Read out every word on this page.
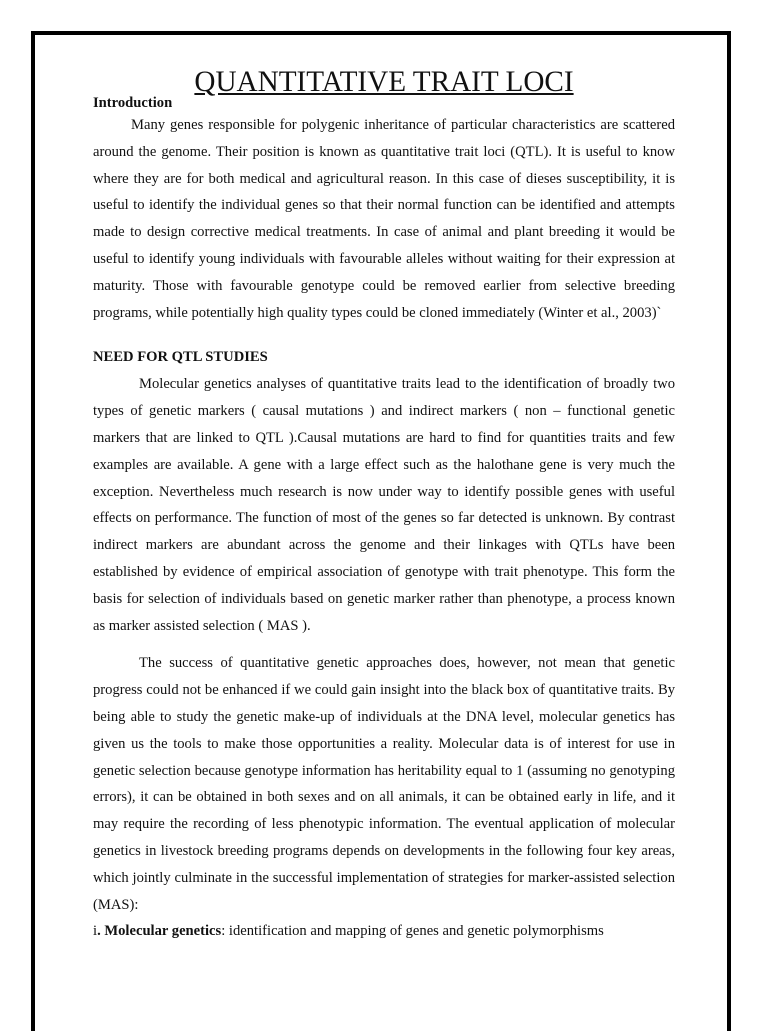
QUANTITATIVE TRAIT LOCI
Introduction

Many genes responsible for polygenic inheritance of particular characteristics are scattered around the genome. Their position is known as quantitative trait loci (QTL). It is useful to know where they are for both medical and agricultural reason. In this case of dieses susceptibility, it is useful to identify the individual genes so that their normal function can be identified and attempts made to design corrective medical treatments. In case of animal and plant breeding it would be useful to identify young individuals with favourable alleles without waiting for their expression at maturity. Those with favourable genotype could be removed earlier from selective breeding programs, while potentially high quality types could be cloned immediately (Winter et al., 2003)`

NEED FOR QTL STUDIES

Molecular genetics analyses of quantitative traits lead to the identification of broadly two types of genetic markers ( causal mutations ) and indirect markers ( non – functional genetic markers that are linked to QTL ).Causal mutations are hard to find for quantities traits and few examples are available. A gene with a large effect such as the halothane gene is very much the exception. Nevertheless much research is now under way to identify possible genes with useful effects on performance. The function of most of the genes so far detected is unknown. By contrast indirect markers are abundant across the genome and their linkages with QTLs have been established by evidence of empirical association of genotype with trait phenotype. This form the basis for selection of individuals based on genetic marker rather than phenotype, a process known as marker assisted selection ( MAS ).

The success of quantitative genetic approaches does, however, not mean that genetic progress could not be enhanced if we could gain insight into the black box of quantitative traits. By being able to study the genetic make-up of individuals at the DNA level, molecular genetics has given us the tools to make those opportunities a reality. Molecular data is of interest for use in genetic selection because genotype information has heritability equal to 1 (assuming no genotyping errors), it can be obtained in both sexes and on all animals, it can be obtained early in life, and it may require the recording of less phenotypic information. The eventual application of molecular genetics in livestock breeding programs depends on developments in the following four key areas, which jointly culminate in the successful implementation of strategies for marker-assisted selection (MAS):

i. Molecular genetics: identification and mapping of genes and genetic polymorphisms
